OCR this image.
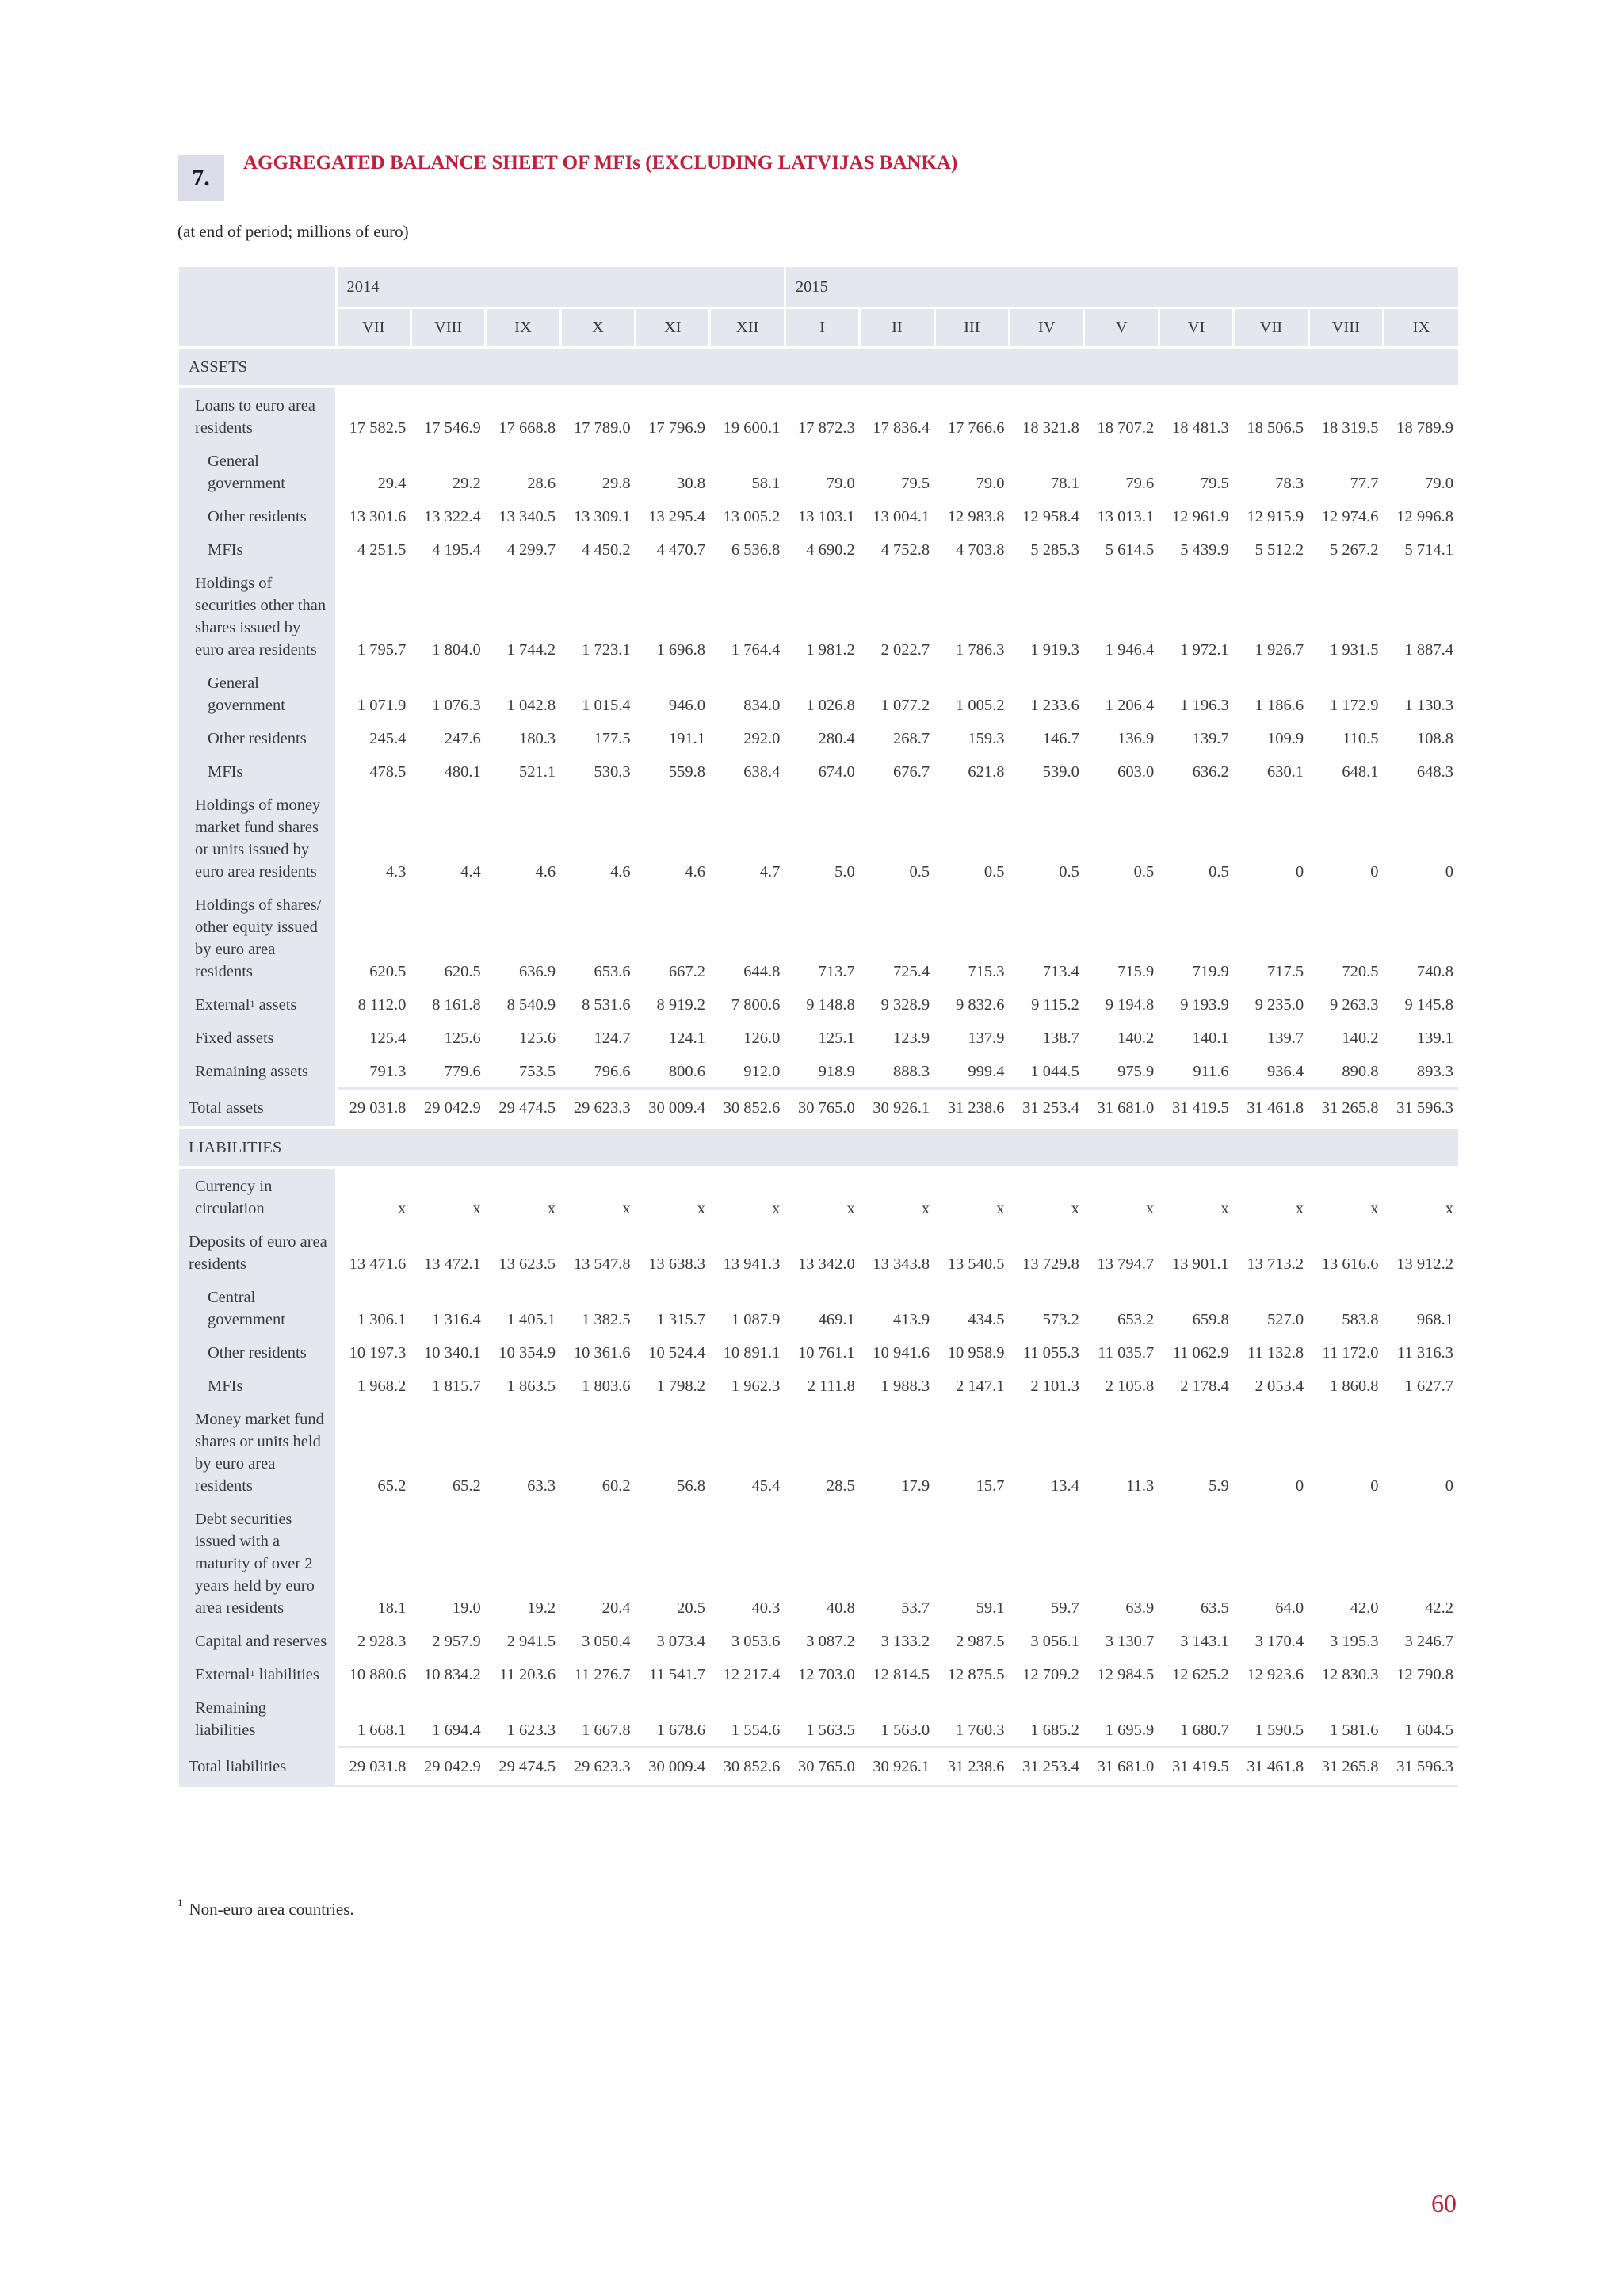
7.
AGGREGATED BALANCE SHEET OF MFIs (EXCLUDING LATVIJAS BANKA)
(at end of period; millions of euro)
	2014						2015								
	VII	VIII	IX	X	XI	XII	I	II	III	IV	V	VI	VII	VIII	IX
ASSETS															
Loans to euro area residents	17 582.5	17 546.9	17 668.8	17 789.0	17 796.9	19 600.1	17 872.3	17 836.4	17 766.6	18 321.8	18 707.2	18 481.3	18 506.5	18 319.5	18 789.9
General government	29.4	29.2	28.6	29.8	30.8	58.1	79.0	79.5	79.0	78.1	79.6	79.5	78.3	77.7	79.0
Other residents	13 301.6	13 322.4	13 340.5	13 309.1	13 295.4	13 005.2	13 103.1	13 004.1	12 983.8	12 958.4	13 013.1	12 961.9	12 915.9	12 974.6	12 996.8
MFIs	4 251.5	4 195.4	4 299.7	4 450.2	4 470.7	6 536.8	4 690.2	4 752.8	4 703.8	5 285.3	5 614.5	5 439.9	5 512.2	5 267.2	5 714.1
Holdings of securities other than shares issued by euro area residents	1 795.7	1 804.0	1 744.2	1 723.1	1 696.8	1 764.4	1 981.2	2 022.7	1 786.3	1 919.3	1 946.4	1 972.1	1 926.7	1 931.5	1 887.4
General government	1 071.9	1 076.3	1 042.8	1 015.4	946.0	834.0	1 026.8	1 077.2	1 005.2	1 233.6	1 206.4	1 196.3	1 186.6	1 172.9	1 130.3
Other residents	245.4	247.6	180.3	177.5	191.1	292.0	280.4	268.7	159.3	146.7	136.9	139.7	109.9	110.5	108.8
MFIs	478.5	480.1	521.1	530.3	559.8	638.4	674.0	676.7	621.8	539.0	603.0	636.2	630.1	648.1	648.3
Holdings of money market fund shares or units issued by euro area residents	4.3	4.4	4.6	4.6	4.6	4.7	5.0	0.5	0.5	0.5	0.5	0.5	0	0	0
Holdings of shares/ other equity issued by euro area residents	620.5	620.5	636.9	653.6	667.2	644.8	713.7	725.4	715.3	713.4	715.9	719.9	717.5	720.5	740.8
External$^1$ assets	8 112.0	8 161.8	8 540.9	8 531.6	8 919.2	7 800.6	9 148.8	9 328.9	9 832.6	9 115.2	9 194.8	9 193.9	9 235.0	9 263.3	9 145.8
Fixed assets	125.4	125.6	125.6	124.7	124.1	126.0	125.1	123.9	137.9	138.7	140.2	140.1	139.7	140.2	139.1
Remaining assets	791.3	779.6	753.5	796.6	800.6	912.0	918.9	888.3	999.4	1 044.5	975.9	911.6	936.4	890.8	893.3
Total assets	29 031.8	29 042.9	29 474.5	29 623.3	30 009.4	30 852.6	30 765.0	30 926.1	31 238.6	31 253.4	31 681.0	31 419.5	31 461.8	31 265.8	31 596.3
LIABILITIES															
Currency in circulation	x	x	x	x	x	x	x	x	x	x	x	x	x	x	x
Deposits of euro area residents	13 471.6	13 472.1	13 623.5	13 547.8	13 638.3	13 941.3	13 342.0	13 343.8	13 540.5	13 729.8	13 794.7	13 901.1	13 713.2	13 616.6	13 912.2
Central government	1 306.1	1 316.4	1 405.1	1 382.5	1 315.7	1 087.9	469.1	413.9	434.5	573.2	653.2	659.8	527.0	583.8	968.1
Other residents	10 197.3	10 340.1	10 354.9	10 361.6	10 524.4	10 891.1	10 761.1	10 941.6	10 958.9	11 055.3	11 035.7	11 062.9	11 132.8	11 172.0	11 316.3
MFIs	1 968.2	1 815.7	1 863.5	1 803.6	1 798.2	1 962.3	2 111.8	1 988.3	2 147.1	2 101.3	2 105.8	2 178.4	2 053.4	1 860.8	1 627.7
Money market fund shares or units held by euro area residents	65.2	65.2	63.3	60.2	56.8	45.4	28.5	17.9	15.7	13.4	11.3	5.9	0	0	0
Debt securities issued with a maturity of over 2 years held by euro area residents	18.1	19.0	19.2	20.4	20.5	40.3	40.8	53.7	59.1	59.7	63.9	63.5	64.0	42.0	42.2
Capital and reserves	2 928.3	2 957.9	2 941.5	3 050.4	3 073.4	3 053.6	3 087.2	3 133.2	2 987.5	3 056.1	3 130.7	3 143.1	3 170.4	3 195.3	3 246.7
External$^1$ liabilities	10 880.6	10 834.2	11 203.6	11 276.7	11 541.7	12 217.4	12 703.0	12 814.5	12 875.5	12 709.2	12 984.5	12 625.2	12 923.6	12 830.3	12 790.8
Remaining liabilities	1 668.1	1 694.4	1 623.3	1 667.8	1 678.6	1 554.6	1 563.5	1 563.0	1 760.3	1 685.2	1 695.9	1 680.7	1 590.5	1 581.6	1 604.5
Total liabilities	29 031.8	29 042.9	29 474.5	29 623.3	30 009.4	30 852.6	30 765.0	30 926.1	31 238.6	31 253.4	31 681.0	31 419.5	31 461.8	31 265.8	31 596.3
$^1$ Non-euro area countries.
60
